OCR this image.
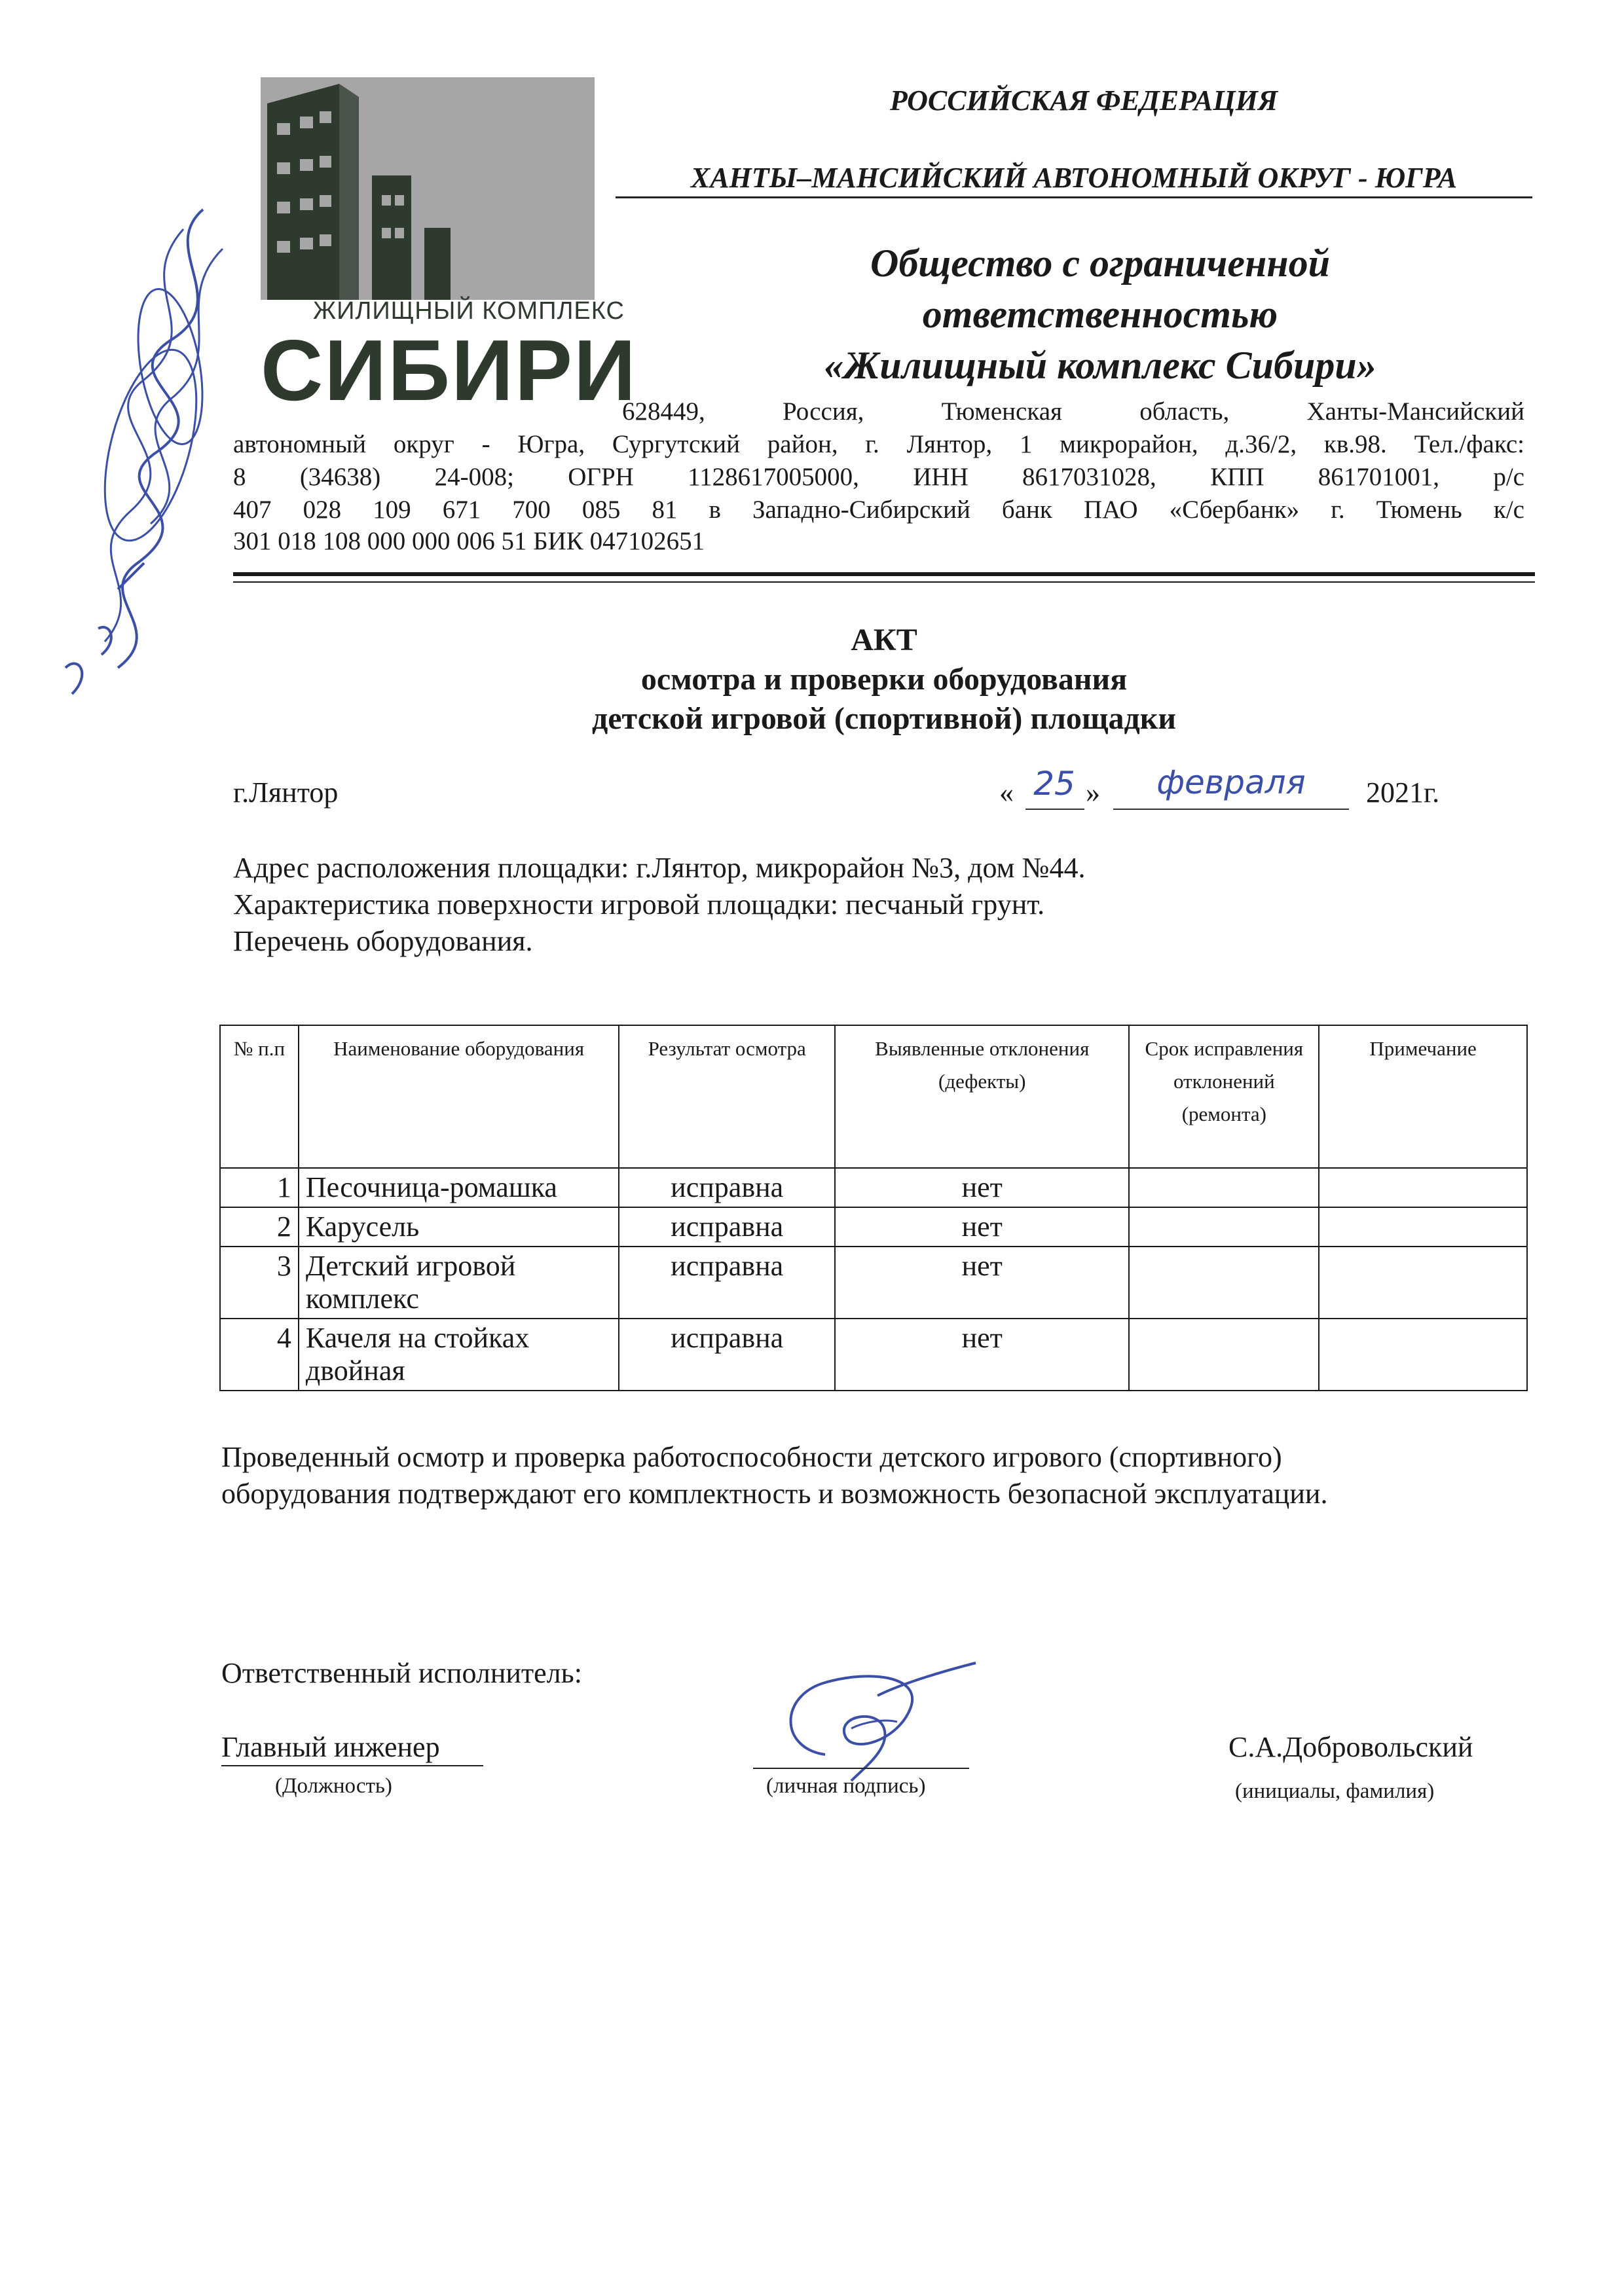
ЖИЛИЩНЫЙ КОМПЛЕКС
СИБИРИ
РОССИЙСКАЯ ФЕДЕРАЦИЯ
ХАНТЫ–МАНСИЙСКИЙ АВТОНОМНЫЙ ОКРУГ - ЮГРА
Общество с ограниченной
ответственностью
«Жилищный комплекс Сибири»
628449, Россия, Тюменская область, Ханты-Мансийский
автономный округ - Югра, Сургутский район, г. Лянтор, 1 микрорайон, д.36/2, кв.98. Тел./факс:
8 (34638) 24-008; ОГРН 1128617005000, ИНН 8617031028, КПП 861701001, р/с
407 028 109 671 700 085 81 в Западно-Сибирский банк ПАО «Сбербанк» г. Тюмень к/с
301 018 108 000 000 006 51 БИК 047102651
АКТ
осмотра и проверки оборудования
детской игровой (спортивной) площадки
г.Лянтор	« 25 »	февраля	2021г.
Адрес расположения площадки: г.Лянтор, микрорайон №3, дом №44.
Характеристика поверхности игровой площадки: песчаный грунт.
Перечень оборудования.
№ п.п	Наименование оборудования	Результат осмотра	Выявленные отклонения (дефекты)	Срок исправления отклонений (ремонта)	Примечание
1	Песочница-ромашка	исправна	нет		
2	Карусель	исправна	нет		
3	Детский игровой комплекс	исправна	нет		
4	Качеля на стойках двойная	исправна	нет		
Проведенный осмотр и проверка работоспособности детского игрового (спортивного)
оборудования подтверждают его комплектность и возможность безопасной эксплуатации.
Ответственный исполнитель:
Главный инженер
(Должность)	(личная подпись)
С.А.Добровольский
(инициалы, фамилия)
